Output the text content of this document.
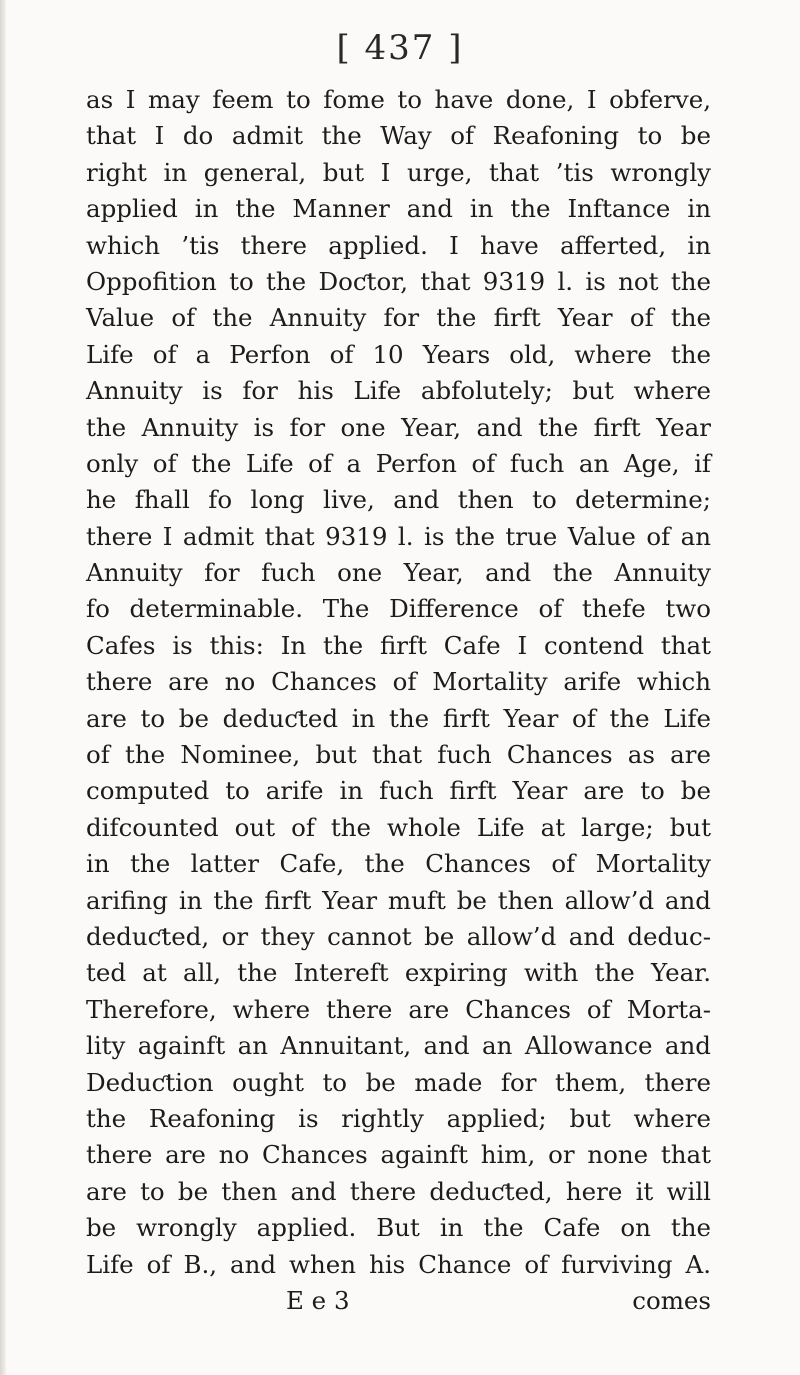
[ 437 ]
as I may feem to fome to have done, I obferve,
that I do admit the Way of Reafoning to be
right in general, but I urge, that ’tis wrongly
applied in the Manner and in the Inftance in
which ’tis there applied. I have afferted, in
Oppofition to the Doƈtor, that 9319 l. is not the
Value of the Annuity for the firft Year of the
Life of a Perfon of 10 Years old, where the
Annuity is for his Life abfolutely; but where
the Annuity is for one Year, and the firft Year
only of the Life of a Perfon of fuch an Age, if
he fhall fo long live, and then to determine;
there I admit that 9319 l. is the true Value of an
Annuity for fuch one Year, and the Annuity
fo determinable. The Difference of thefe two
Cafes is this: In the firft Cafe I contend that
there are no Chances of Mortality arife which
are to be deduƈted in the firft Year of the Life
of the Nominee, but that fuch Chances as are
computed to arife in fuch firft Year are to be
difcounted out of the whole Life at large; but
in the latter Cafe, the Chances of Mortality
arifing in the firft Year muft be then allow’d and
deduƈted, or they cannot be allow’d and deduc-
ted at all, the Intereft expiring with the Year.
Therefore, where there are Chances of Morta-
lity againft an Annuitant, and an Allowance and
Deduƈtion ought to be made for them, there
the Reafoning is rightly applied; but where
there are no Chances againft him, or none that
are to be then and there deduƈted, here it will
be wrongly applied. But in the Cafe on the
Life of B., and when his Chance of furviving A.
E e 3	comes
